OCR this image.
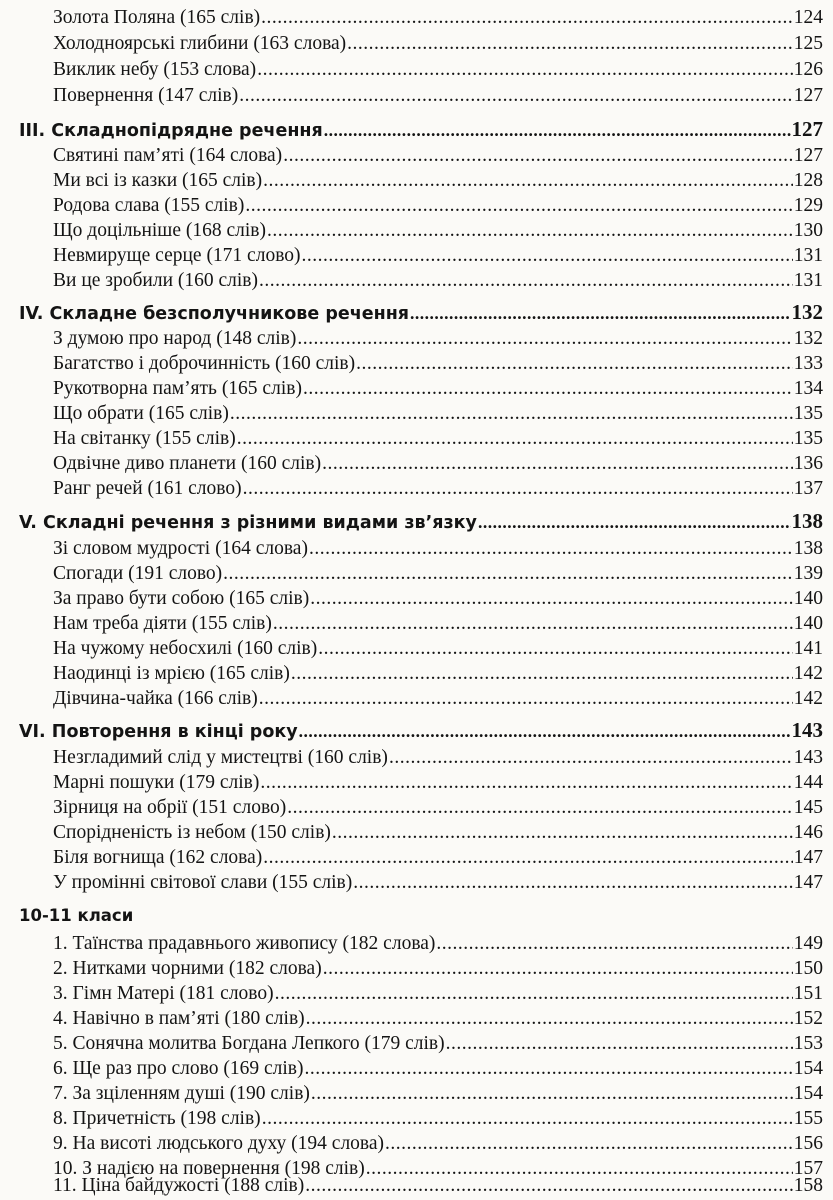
Золота Поляна (165 слів) .....	124
Холодноярські глибини (163 слова) .....	125
Виклик небу (153 слова) .....	126
Повернення (147 слів) .....	127
III. Складнопідрядне речення .....	127
Святині пам’яті (164 слова) .....	127
Ми всі із казки (165 слів) .....	128
Родова слава (155 слів) .....	129
Що доцільніше (168 слів) .....	130
Невмируще серце (171 слово) .....	131
Ви це зробили (160 слів) .....	131
IV. Складне безсполучникове речення .....	132
З думою про народ (148 слів) .....	132
Багатство і доброчинність (160 слів) .....	133
Рукотворна пам’ять (165 слів) .....	134
Що обрати (165 слів) .....	135
На світанку (155 слів) .....	135
Одвічне диво планети (160 слів) .....	136
Ранг речей (161 слово) .....	137
V. Складні речення з різними видами зв’язку .....	138
Зі словом мудрості (164 слова) .....	138
Спогади (191 слово) .....	139
За право бути собою (165 слів) .....	140
Нам треба діяти (155 слів) .....	140
На чужому небосхилі (160 слів) .....	141
Наодинці із мрією (165 слів) .....	142
Дівчина-чайка (166 слів) .....	142
VI. Повторення в кінці року .....	143
Незгладимий слід у мистецтві (160 слів) .....	143
Марні пошуки (179 слів) .....	144
Зірниця на обрії (151 слово) .....	145
Спорідненість із небом (150 слів) .....	146
Біля вогнища (162 слова) .....	147
У промінні світової слави (155 слів) .....	147
10-11 класи
1. Таїнства прадавнього живопису (182 слова) .....	149
2. Нитками чорними (182 слова) .....	150
3. Гімн Матері (181 слово) .....	151
4. Навічно в пам’яті (180 слів) .....	152
5. Сонячна молитва Богдана Лепкого (179 слів) .....	153
6. Ще раз про слово (169 слів) .....	154
7. За зціленням душі (190 слів) .....	154
8. Причетність (198 слів) .....	155
9. На висоті людського духу (194 слова) .....	156
10. З надією на повернення (198 слів) .....	157
11. Ціна байдужості (188 слів) .....	158
